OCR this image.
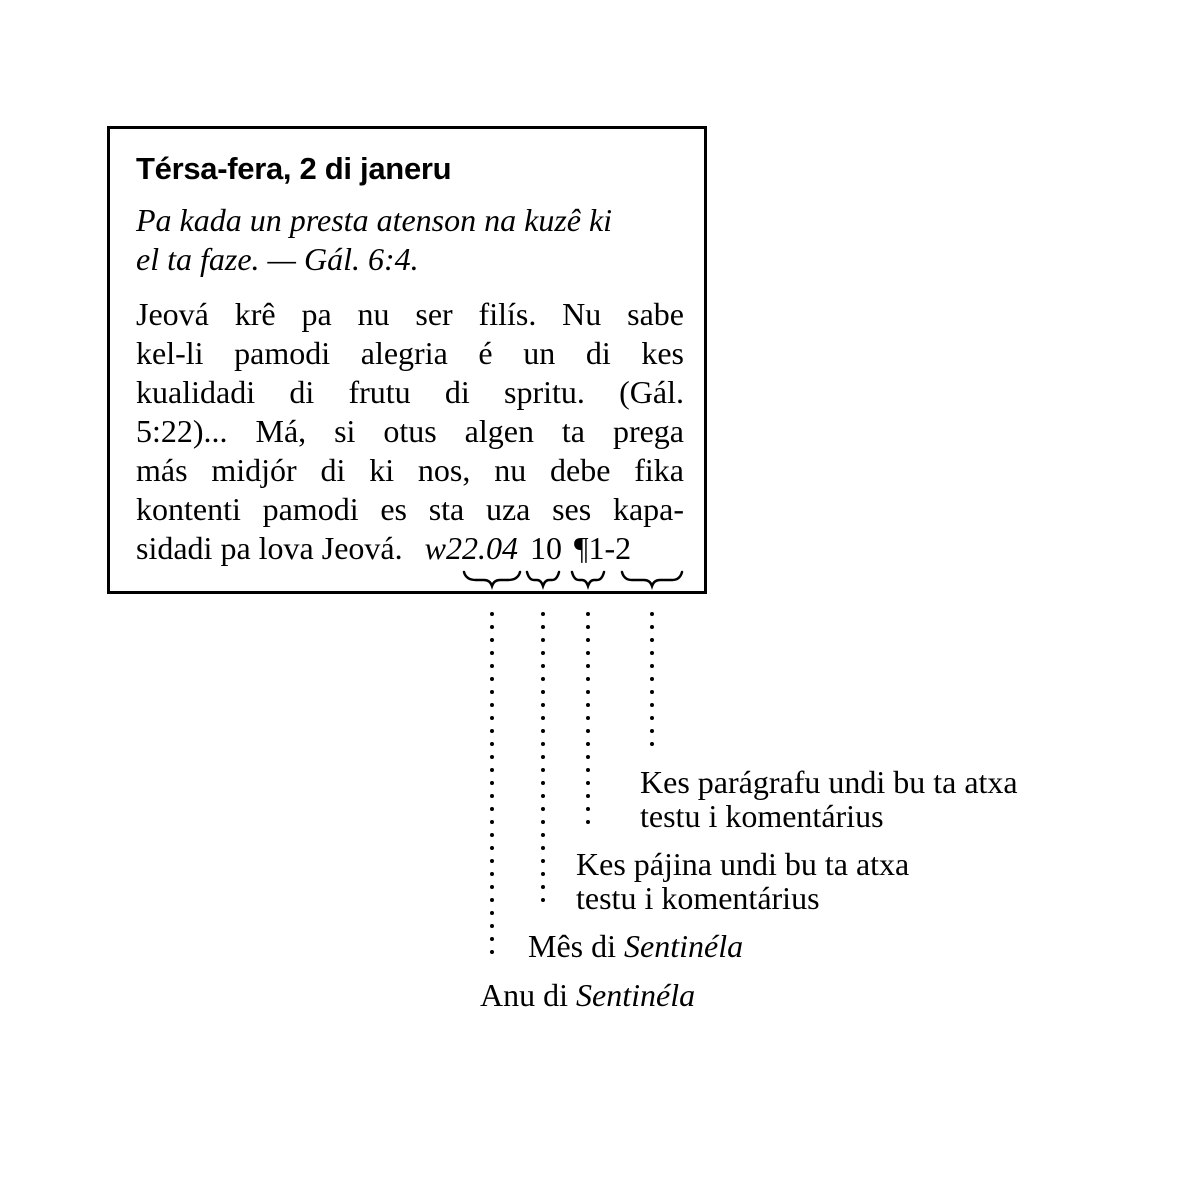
Térsa-fera, 2 di janeru
Pa kada un presta atenson na kuzê ki
el ta faze. — Gál. 6:4.
Jeová krê pa nu ser filís. Nu sabe
kel-li pamodi alegria é un di kes
kualidadi di frutu di spritu. (Gál.
5:22)... Má, si otus algen ta prega
más midjór di ki nos, nu debe fika
kontenti pamodi es sta uza ses kapa-
sidadi pa lova Jeová. w22.04 10 ¶1-2
Kes parágrafu undi bu ta atxa
testu i komentárius
Kes pájina undi bu ta atxa
testu i komentárius
Mês di Sentinéla
Anu di Sentinéla
